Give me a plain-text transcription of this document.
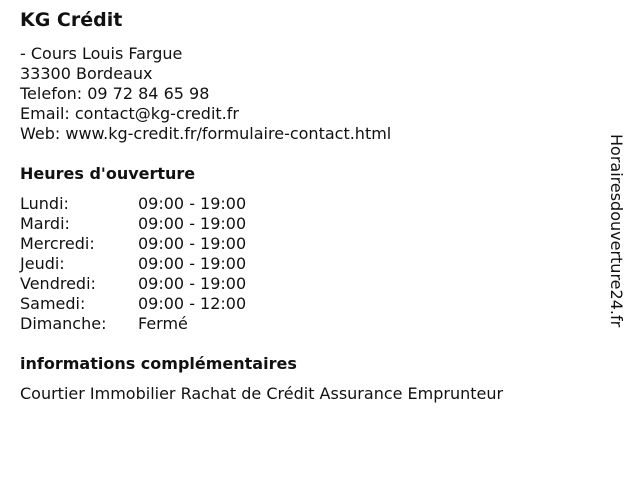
KG Crédit
- Cours Louis Fargue
33300 Bordeaux
Telefon: 09 72 84 65 98
Email: contact@kg-credit.fr
Web: www.kg-credit.fr/formulaire-contact.html
Heures d'ouverture
Lundi:	09:00 - 19:00
Mardi:	09:00 - 19:00
Mercredi:	09:00 - 19:00
Jeudi:	09:00 - 19:00
Vendredi:	09:00 - 19:00
Samedi:	09:00 - 12:00
Dimanche: Fermé
informations complémentaires
Courtier Immobilier Rachat de Crédit Assurance Emprunteur
Horairesdouverture24.fr
